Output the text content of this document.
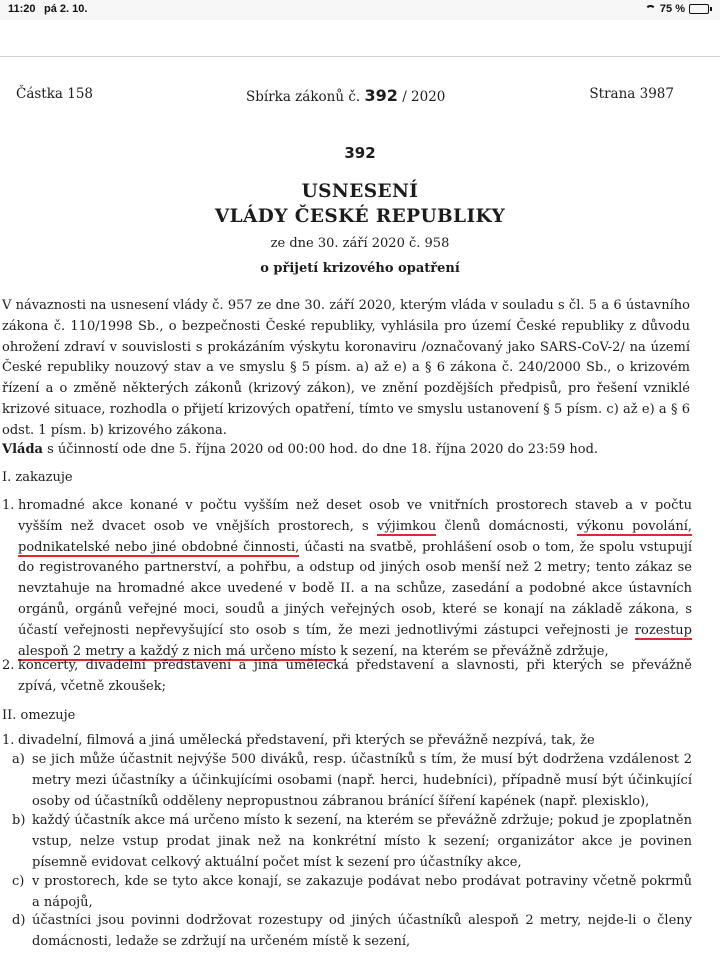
11:20 pá 2. 10.	75 %
Částka 158	Sbírka zákonů č. 392 / 2020	Strana 3987
392
USNESENÍ
VLÁDY ČESKÉ REPUBLIKY
ze dne 30. září 2020 č. 958
o přijetí krizového opatření
V návaznosti na usnesení vlády č. 957 ze dne 30. září 2020, kterým vláda v souladu s čl. 5 a 6 ústavního zákona č. 110/1998 Sb., o bezpečnosti České republiky, vyhlásila pro území České republiky z důvodu ohrožení zdraví v souvislosti s prokázáním výskytu koronaviru /označovaný jako SARS-CoV-2/ na území České republiky nouzový stav a ve smyslu § 5 písm. a) až e) a § 6 zákona č. 240/2000 Sb., o krizovém řízení a o změně některých zákonů (krizový zákon), ve znění pozdějších předpisů, pro řešení vzniklé krizové situace, rozhodla o přijetí krizových opatření, tímto ve smyslu ustanovení § 5 písm. c) až e) a § 6 odst. 1 písm. b) krizového zákona.
Vláda s účinností ode dne 5. října 2020 od 00:00 hod. do dne 18. října 2020 do 23:59 hod.
I. zakazuje
1. hromadné akce konané v počtu vyšším než deset osob ve vnitřních prostorech staveb a v počtu vyšším než dvacet osob ve vnějších prostorech, s výjimkou členů domácnosti, výkonu povolání, podnikatelské nebo jiné obdobné činnosti, účasti na svatbě, prohlášení osob o tom, že spolu vstupují do registrovaného partnerství, a pohřbu, a odstup od jiných osob menší než 2 metry; tento zákaz se nevztahuje na hromadné akce uvedené v bodě II. a na schůze, zasedání a podobné akce ústavních orgánů, orgánů veřejné moci, soudů a jiných veřejných osob, které se konají na základě zákona, s účastí veřejnosti nepřevyšující sto osob s tím, že mezi jednotlivými zástupci veřejnosti je rozestup alespoň 2 metry a každý z nich má určeno místo k sezení, na kterém se převážně zdržuje,
2. koncerty, divadelní představení a jiná umělecká představení a slavnosti, při kterých se převážně zpívá, včetně zkoušek;
II. omezuje
1. divadelní, filmová a jiná umělecká představení, při kterých se převážně nezpívá, tak, že
a) se jich může účastnit nejvýše 500 diváků, resp. účastníků s tím, že musí být dodržena vzdálenost 2 metry mezi účastníky a účinkujícími osobami (např. herci, hudebníci), případně musí být účinkující osoby od účastníků odděleny nepropustnou zábranou bránící šíření kapének (např. plexisklo),
b) každý účastník akce má určeno místo k sezení, na kterém se převážně zdržuje; pokud je zpoplatněn vstup, nelze vstup prodat jinak než na konkrétní místo k sezení; organizátor akce je povinen písemně evidovat celkový aktuální počet míst k sezení pro účastníky akce,
c) v prostorech, kde se tyto akce konají, se zakazuje podávat nebo prodávat potraviny včetně pokrmů a nápojů,
d) účastníci jsou povinni dodržovat rozestupy od jiných účastníků alespoň 2 metry, nejde-li o členy domácnosti, ledaže se zdržují na určeném místě k sezení,
